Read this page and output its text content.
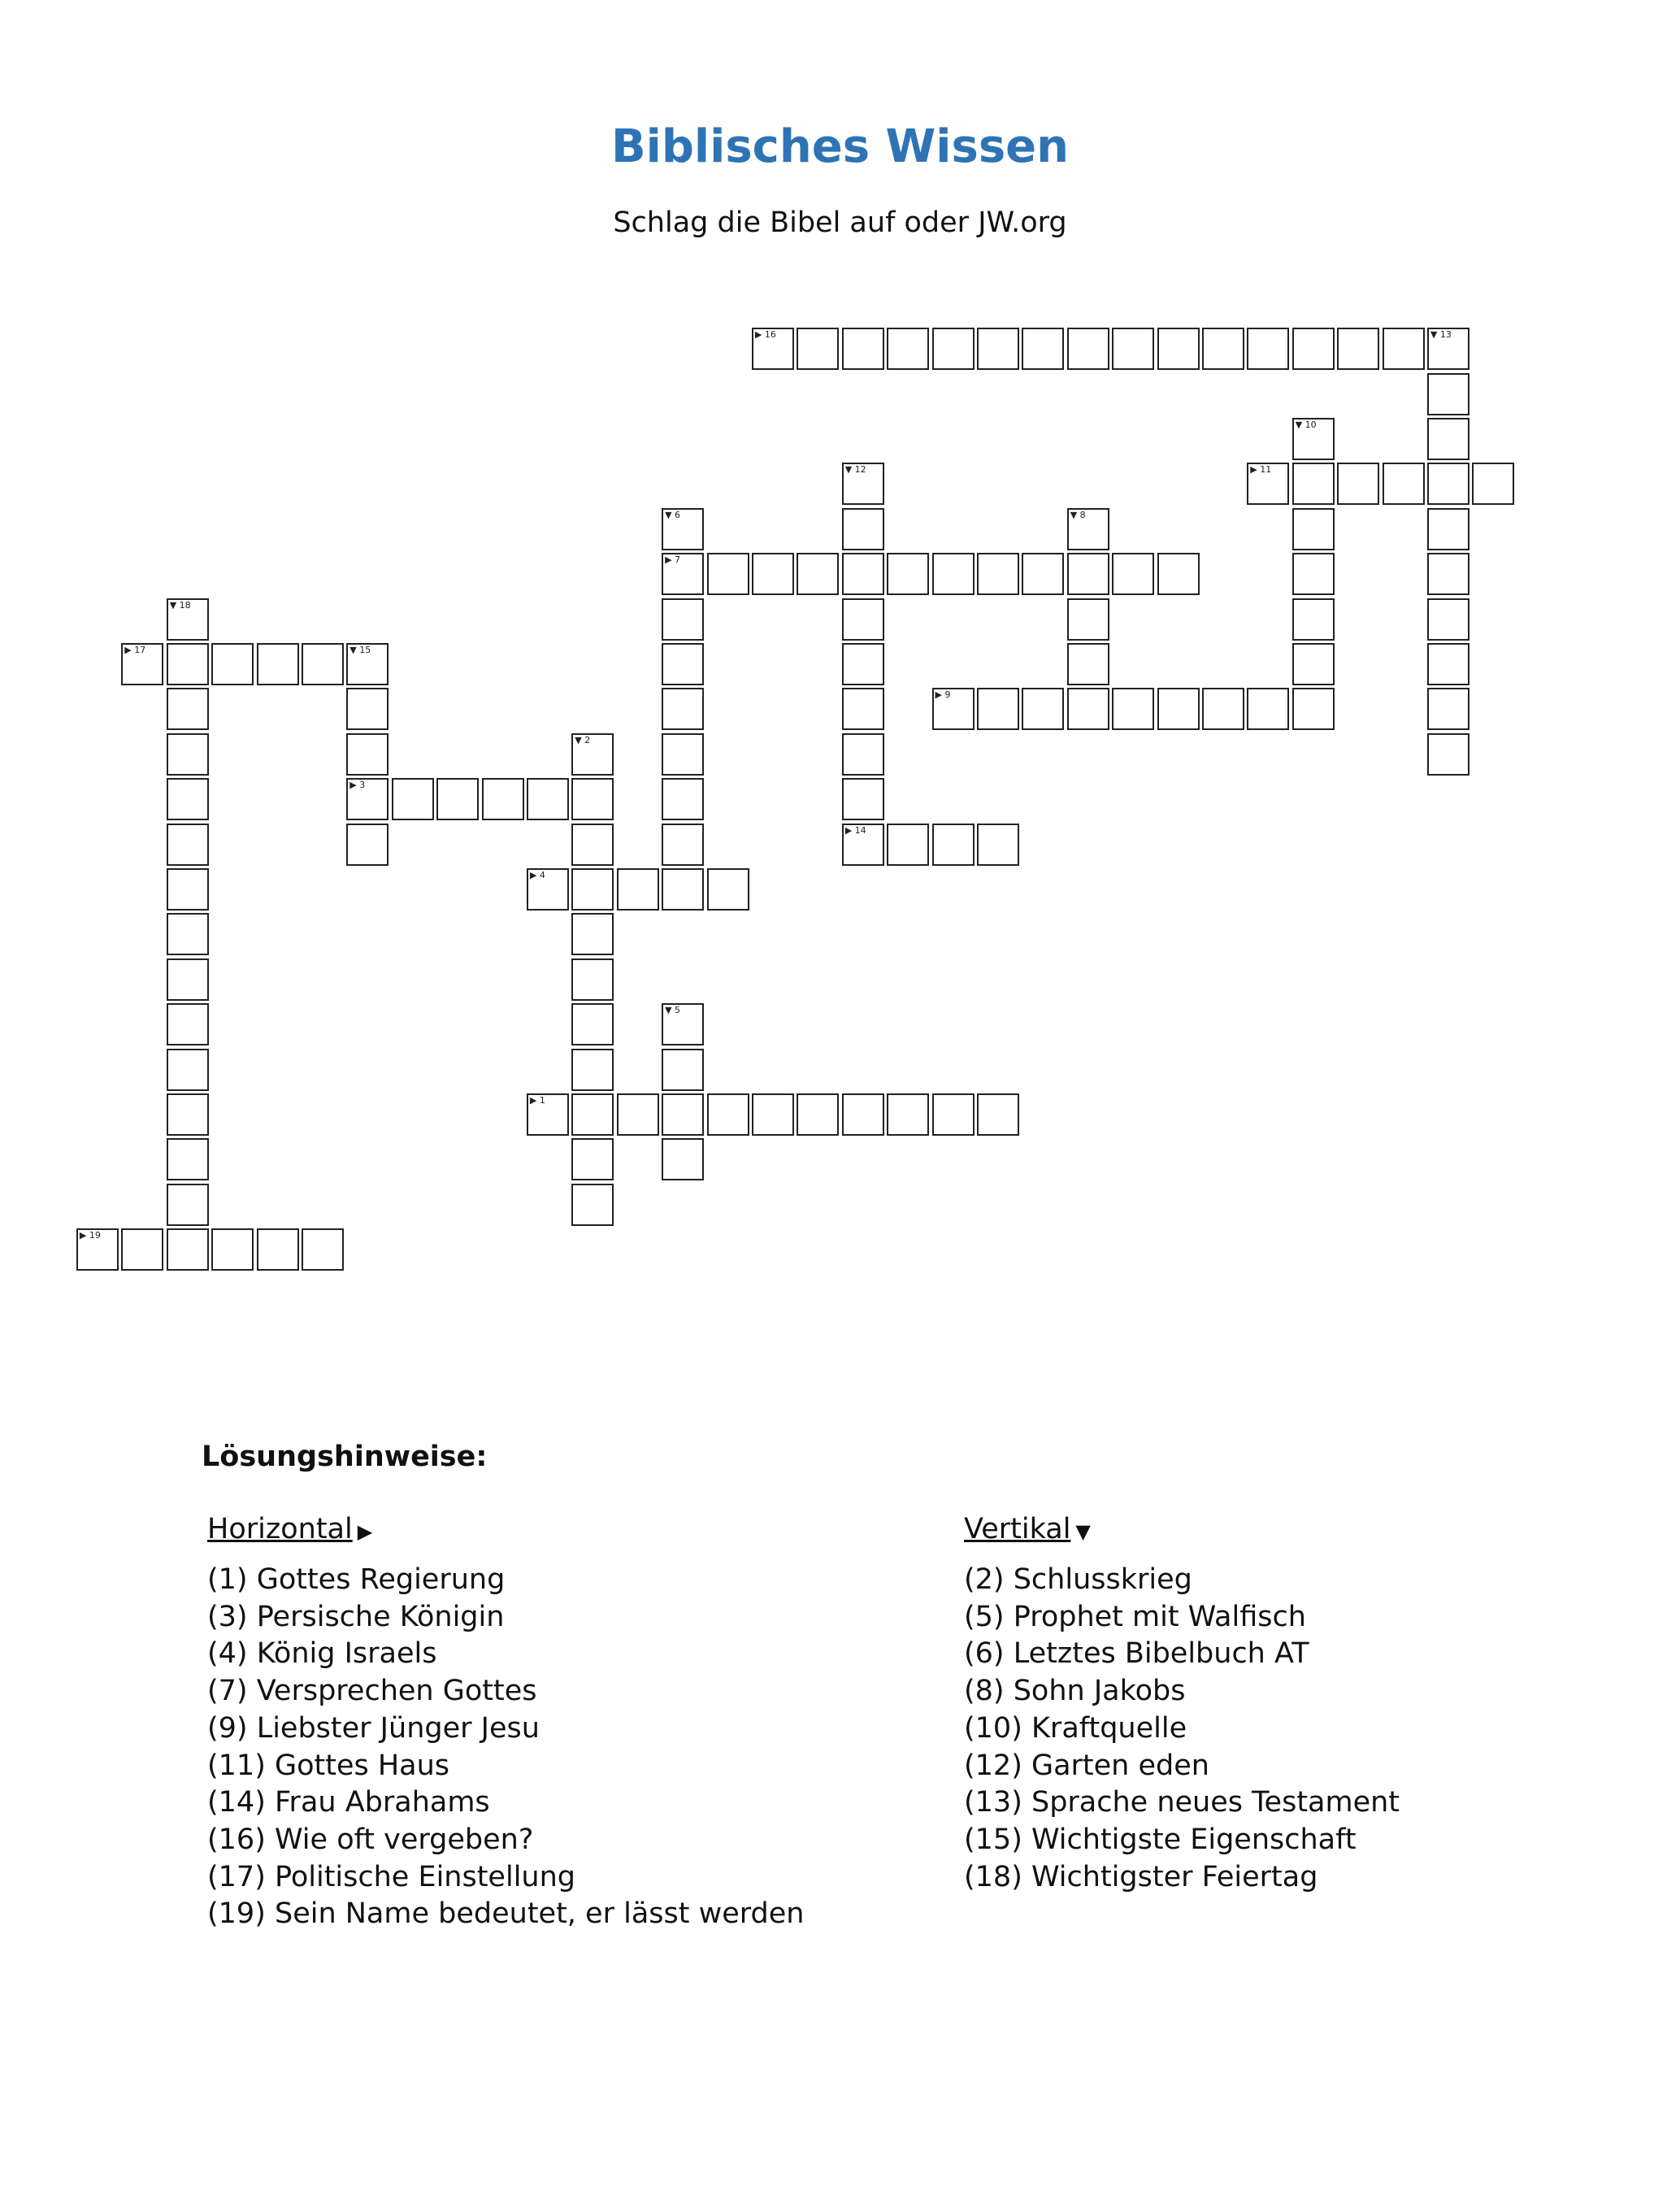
Biblisches Wissen
Schlag die Bibel auf oder JW.org
▶ 1
▼ 2
▶ 3
▶ 4
▼ 5
▼ 6
▶ 7
▼ 8
▶ 9
▼ 10
▶ 11
▼ 12
▶ 14
▼ 13
▼ 15
▶ 16
▶ 17
▼ 18
▶ 19
Lösungshinweise:
Horizontal ▶
(1) Gottes Regierung
(3) Persische Königin
(4) König Israels
(7) Versprechen Gottes
(9) Liebster Jünger Jesu
(11) Gottes Haus
(14) Frau Abrahams
(16) Wie oft vergeben?
(17) Politische Einstellung
(19) Sein Name bedeutet, er lässt werden
Vertikal ▼
(2) Schlusskrieg
(5) Prophet mit Walfisch
(6) Letztes Bibelbuch AT
(8) Sohn Jakobs
(10) Kraftquelle
(12) Garten eden
(13) Sprache neues Testament
(15) Wichtigste Eigenschaft
(18) Wichtigster Feiertag
